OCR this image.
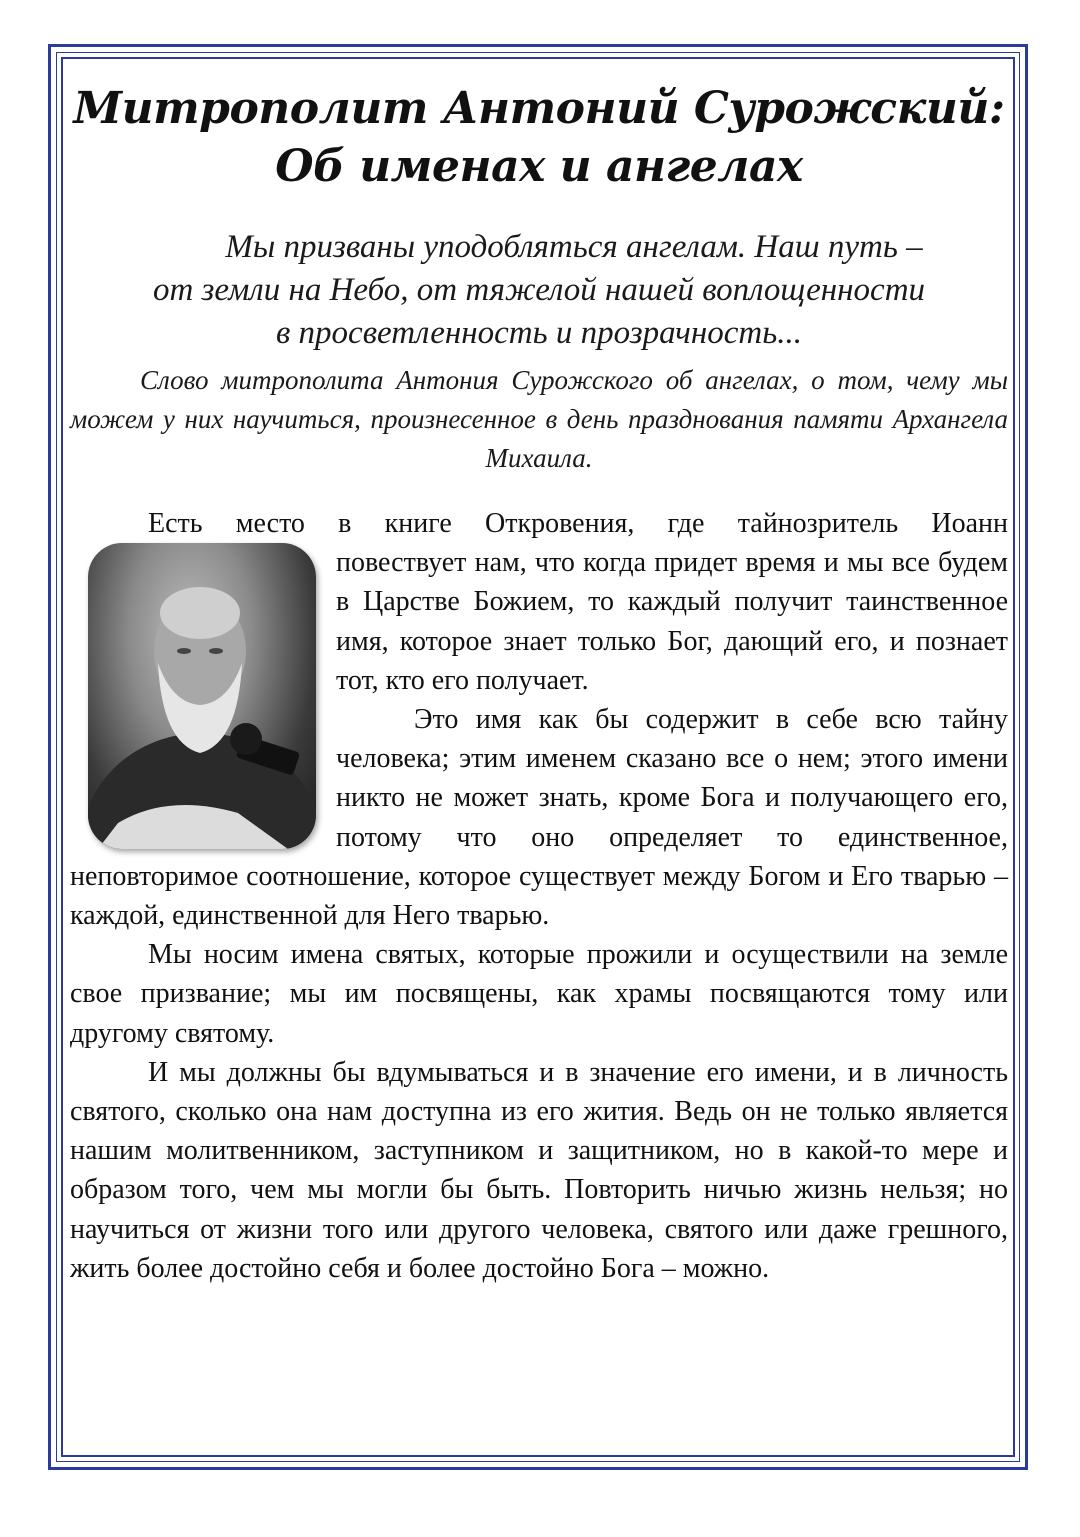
Митрополит Антоний Сурожский:
Об именах и ангелах

Мы призваны уподобляться ангелам. Наш путь –

от земли на Небо, от тяжелой нашей воплощенности

в просветленность и прозрачность...

Слово митрополита Антония Сурожского об ангелах, о том, чему мы можем у них научиться, произнесенное в день празднования памяти Архангела Михаила.

Есть место в книге Откровения, где тайнозритель Иоанн

повествует нам, что когда придет время и мы все будем в Царстве Божием, то каждый получит таинственное имя, которое знает только Бог, дающий его, и познает тот, кто его получает.

Это имя как бы содержит в себе всю тайну человека; этим именем сказано все о нем; этого имени никто не может знать, кроме Бога и получающего его, потому что оно определяет то единственное, неповторимое соотношение, которое существует между Богом и Его тварью – каждой, единственной для Него тварью.

Мы носим имена святых, которые прожили и осуществили на земле свое призвание; мы им посвящены, как храмы посвящаются тому или другому святому.

И мы должны бы вдумываться и в значение его имени, и в личность святого, сколько она нам доступна из его жития. Ведь он не только является нашим молитвенником, заступником и защитником, но в какой-то мере и образом того, чем мы могли бы быть. Повторить ничью жизнь нельзя; но научиться от жизни того или другого человека, святого или даже грешного, жить более достойно себя и более достойно Бога – можно.
